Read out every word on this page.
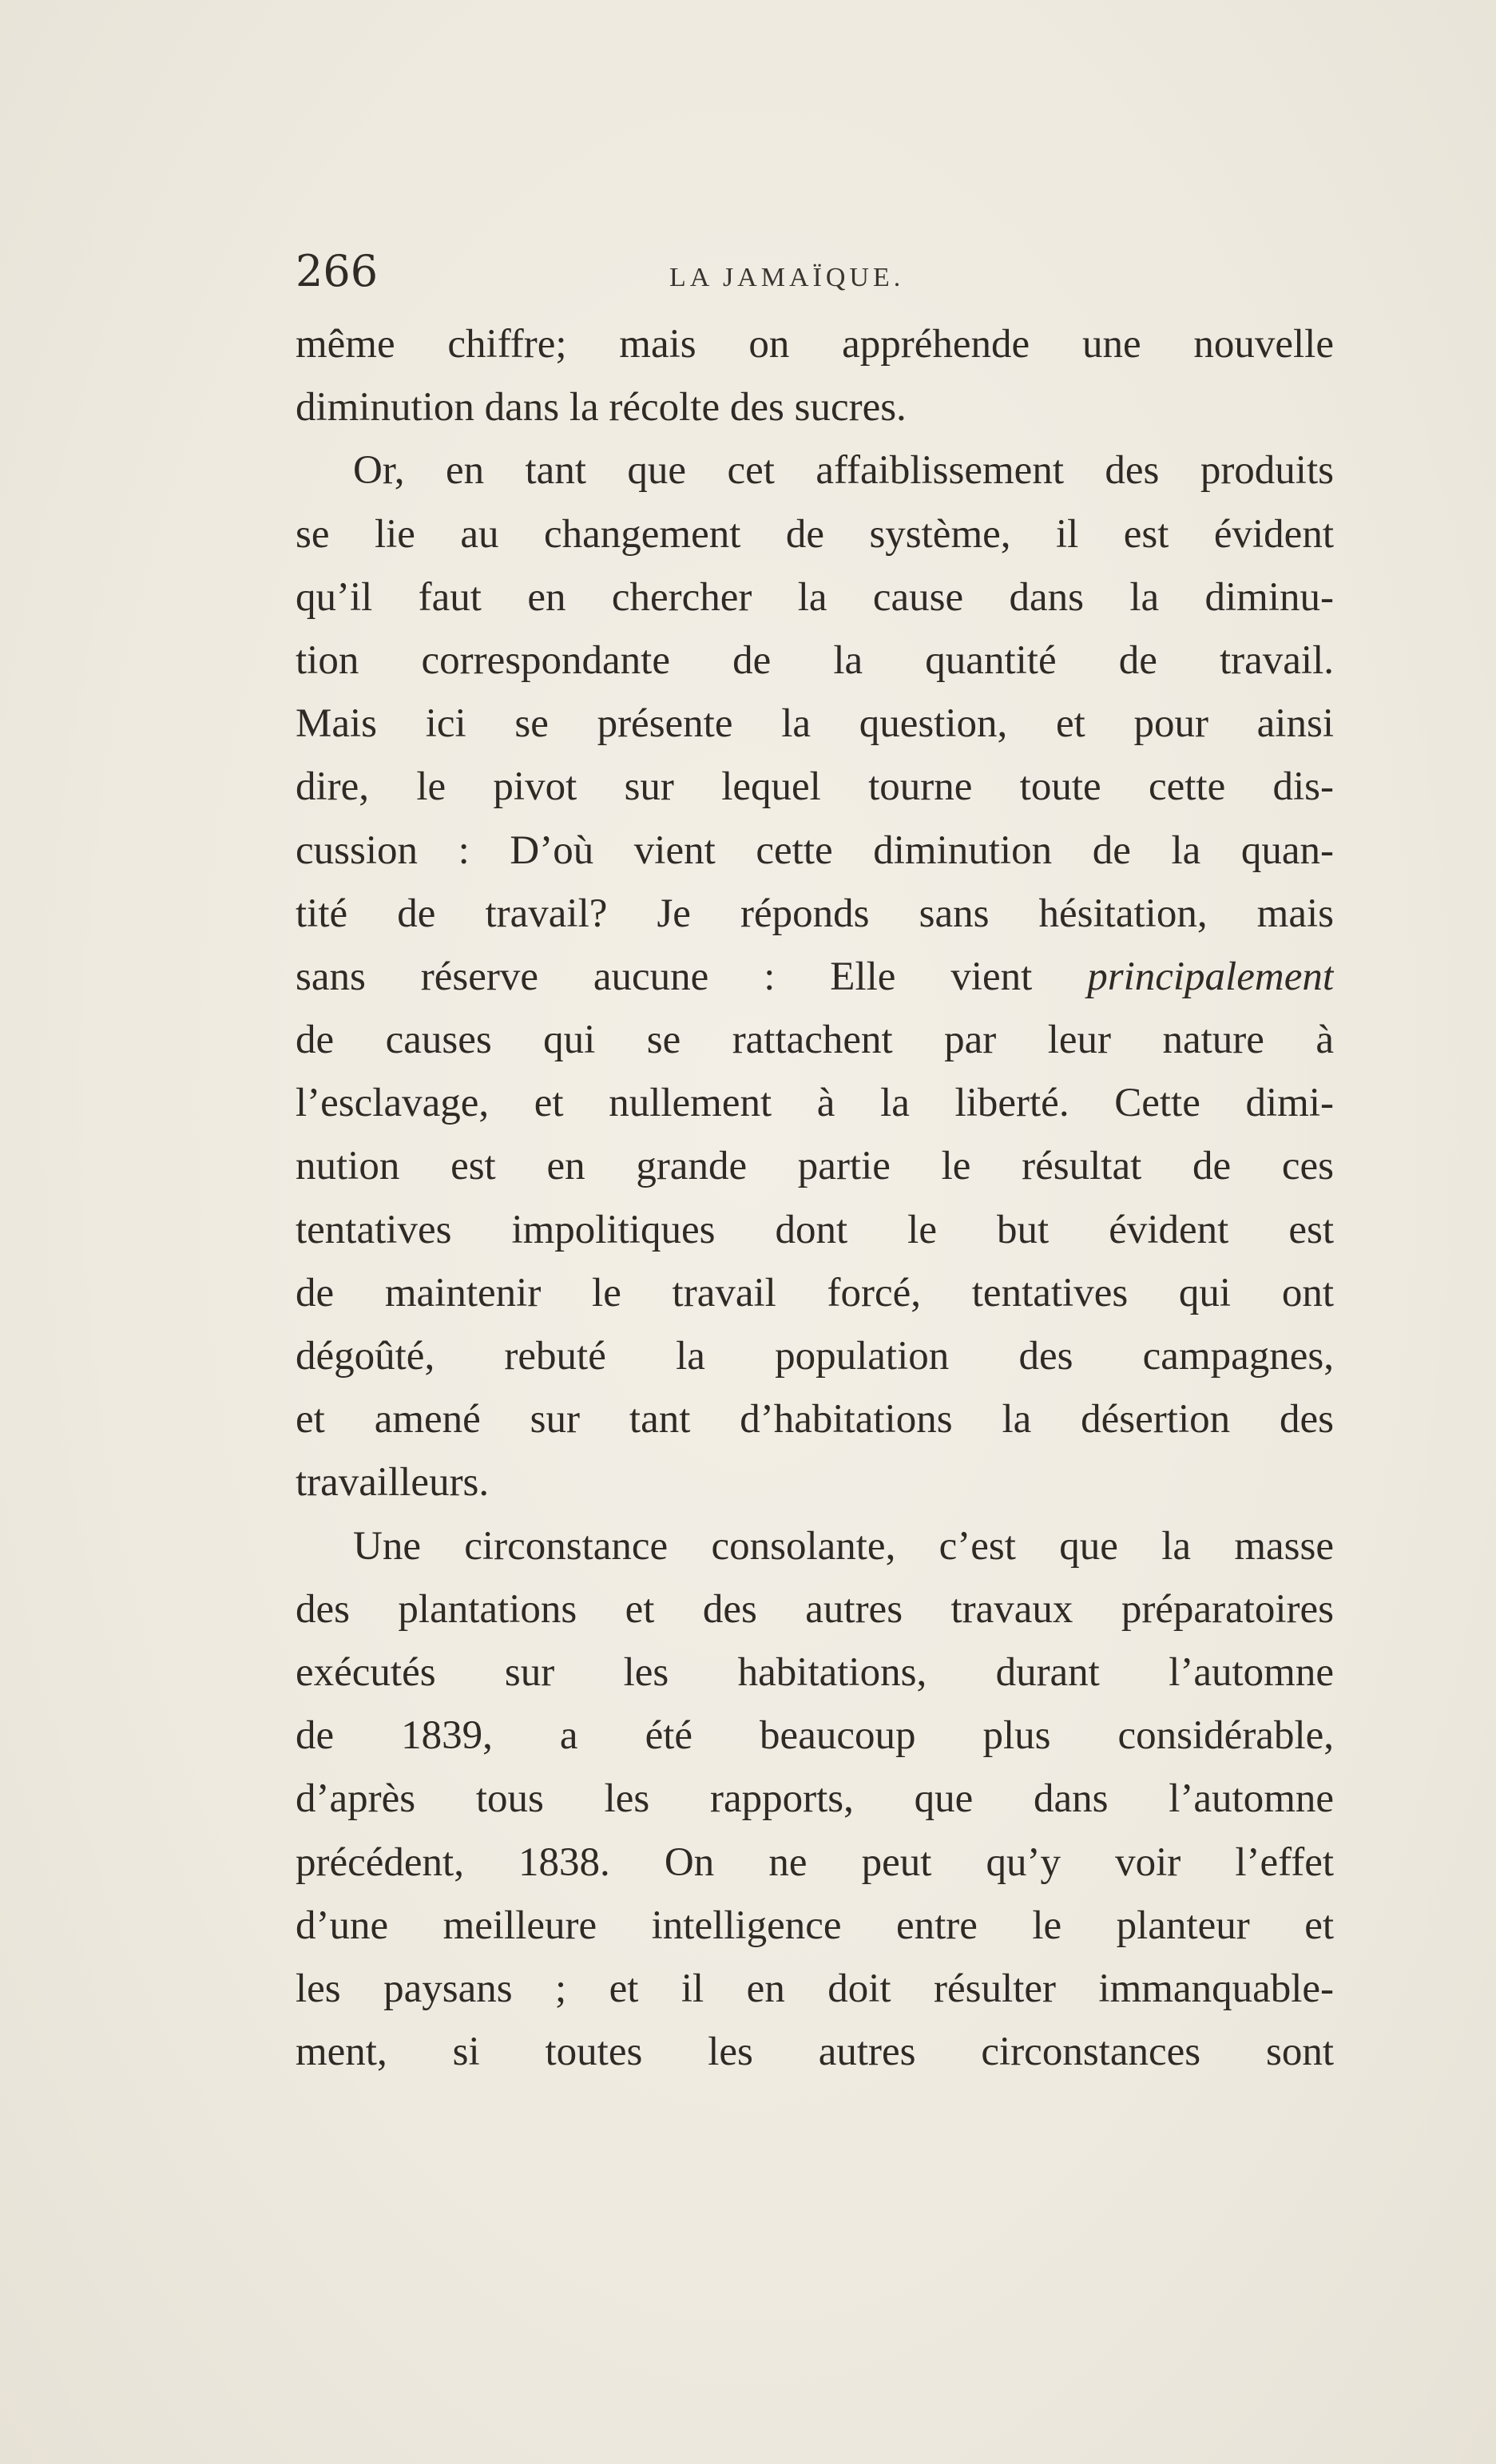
266	LA JAMAÏQUE.
même chiffre; mais on appréhende une nouvelle
diminution dans la récolte des sucres.
Or, en tant que cet affaiblissement des produits
se lie au changement de système, il est évident
qu’il faut en chercher la cause dans la diminu-
tion correspondante de la quantité de travail.
Mais ici se présente la question, et pour ainsi
dire, le pivot sur lequel tourne toute cette dis-
cussion : D’où vient cette diminution de la quan-
tité de travail? Je réponds sans hésitation, mais
sans réserve aucune : Elle vient principalement
de causes qui se rattachent par leur nature à
l’esclavage, et nullement à la liberté. Cette dimi-
nution est en grande partie le résultat de ces
tentatives impolitiques dont le but évident est
de maintenir le travail forcé, tentatives qui ont
dégoûté, rebuté la population des campagnes,
et amené sur tant d’habitations la désertion des
travailleurs.
Une circonstance consolante, c’est que la masse
des plantations et des autres travaux préparatoires
exécutés sur les habitations, durant l’automne
de 1839, a été beaucoup plus considérable,
d’après tous les rapports, que dans l’automne
précédent, 1838. On ne peut qu’y voir l’effet
d’une meilleure intelligence entre le planteur et
les paysans ; et il en doit résulter immanquable-
ment, si toutes les autres circonstances sont
